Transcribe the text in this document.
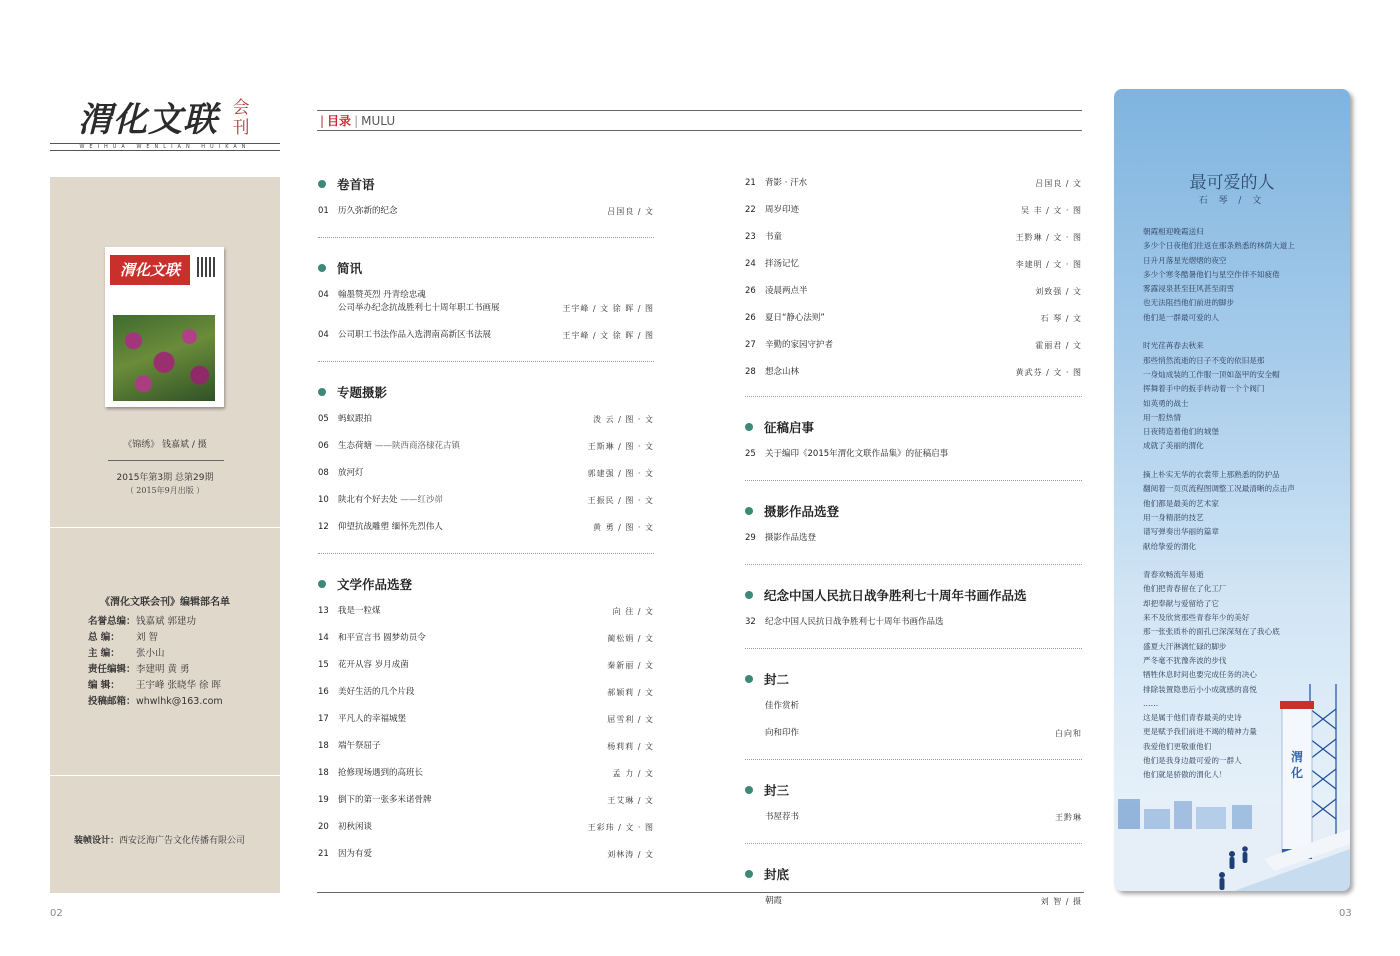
渭化文联 会刊
WEIHUA WENLIAN HUIKAN
渭化文联
《锦绣》 钱嘉斌 / 摄
2015年第3期 总第29期
（ 2015年9月出版 ）
《渭化文联会刊》编辑部名单
名誉总编： 钱嘉斌 郭建功
总 编：	刘 智
主 编：	张小山
责任编辑： 李建明 黄 勇
编 辑：	王宇峰 张晓华 徐 晖
投稿邮箱： whwlhk@163.com
装帧设计：西安泛海广告文化传播有限公司
02	03
| 目录 | MULU
卷首语
01	历久弥新的纪念	吕国良 / 文
简讯
04	翰墨赞英烈 丹青绘忠魂
公司举办纪念抗战胜利七十周年职工书画展	王宇峰 / 文 徐 晖 / 图
04	公司职工书法作品入选渭南高新区书法展	王宇峰 / 文 徐 晖 / 图
专题摄影
05	蚂蚁跟拍	泼 云 / 图 · 文
06	生态荷塘 ——陕西商洛棣花古镇	王斯琳 / 图 · 文
08	放河灯	郭建强 / 图 · 文
10	陕北有个好去处 ——红沙峁	王振民 / 图 · 文
12	仰望抗战雕塑 缅怀先烈伟人	黄 勇 / 图 · 文
文学作品选登
13	我是一粒煤	向 往 / 文
14	和平宣言书 圆梦幼员令	蔺松娟 / 文
15	花开从容 岁月成菌	秦新丽 / 文
16	美好生活的几个片段	郝颖莉 / 文
17	平凡人的幸福城堡	屈雪利 / 文
18	端午祭屈子	杨莉莉 / 文
18	抢修现场遇到的高班长	孟 力 / 文
19	倒下的第一张多米诺骨牌	王艾琳 / 文
20	初秋闲谈	王彩玮 / 文 · 图
21	因为有爱	刘林涛 / 文
21	背影 · 汗水	吕国良 / 文
22	周岁印迹	吴 丰 / 文 · 图
23	书童	王黔琳 / 文 · 图
24	拌汤记忆	李建明 / 文 · 图
26	凌晨两点半	刘致强 / 文
26	夏日“静心法则”	石 琴 / 文
27	辛勤的家园守护者	霍丽君 / 文
28	想念山林	黄武芬 / 文 · 图
征稿启事
25	关于编印《2015年渭化文联作品集》的征稿启事
摄影作品选登
29	摄影作品选登
纪念中国人民抗日战争胜利七十周年书画作品选
32	纪念中国人民抗日战争胜利七十周年书画作品选
封二
佳作赏析
向和印作	白向和
封三
书屋荐书	王黔琳
封底
朝霞	刘 智 / 摄
最可爱的人
石 琴 / 文

朝霞相迎晚霞送归

多少个日夜他们往返在那条熟悉的林荫大道上

日升月落星光熠熠的夜空

多少个寒冬酷暑他们与星空作伴不知疲倦

雾露浸泉甚至狂风甚至雨雪

也无法阻挡他们前进的脚步

他们是一群最可爱的人

时光荏苒春去秋来

那些悄然流逝的日子不变的依旧是那

一身灿成装的工作服一顶如盔甲的安全帽

挥舞着手中的扳手转动着一个个阀门

如英勇的战士

用一腔热情

日夜铸造着他们的城堡

成就了美丽的渭化

摘上朴实无华的衣裳带上那熟悉的防护品

翻阅着一页页流程图调整工况最清晰的点击声

他们都是最美的艺术家

用一身精湛的技艺

谱写弹奏出华丽的篇章

献给挚爱的渭化

青春欢畅流年易逝

他们把青春留在了化工厂

却把奉献与爱留给了它

来不及欣赏那些青春年少的美好

那一张张质朴的面孔已深深刻在了我心底

盛夏大汗淋漓忙碌的脚步

严冬毫不犹豫奔波的步伐

牺牲休息时间也要完成任务的决心

排除装置隐患后小小成就感的喜悦

……

这是属于他们青春最美的史诗

更是赋予我们前进不竭的精神力量

我爱他们更敬重他们

他们是我身边最可爱的一群人

他们就是骄傲的渭化人！

渭
化
